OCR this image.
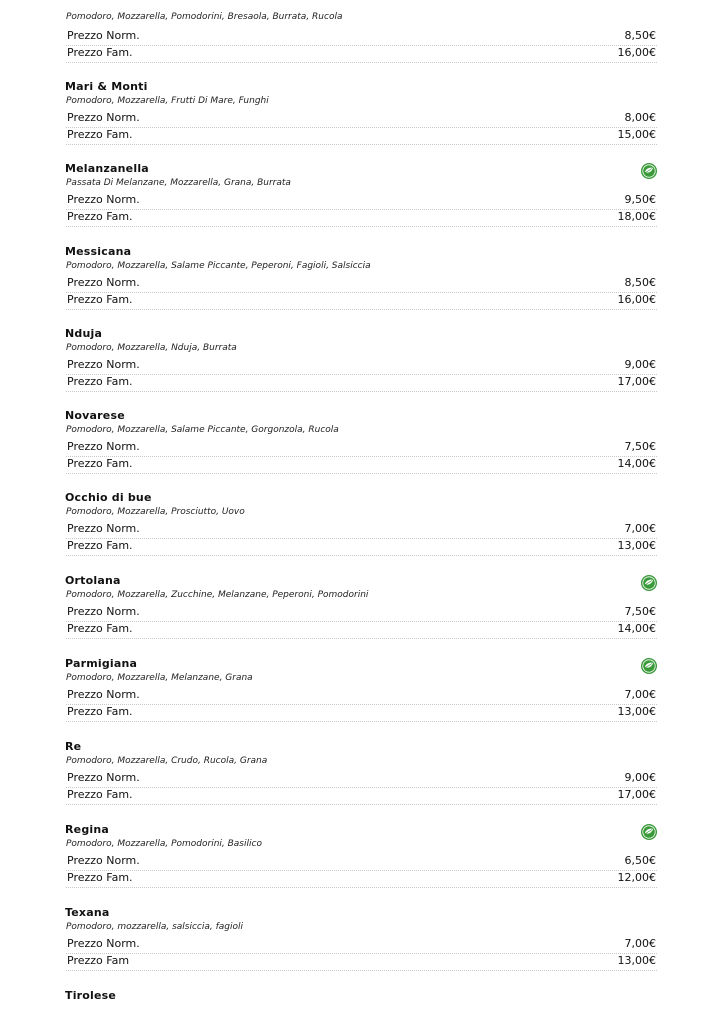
Pomodoro, Mozzarella, Pomodorini, Bresaola, Burrata, Rucola
Prezzo Norm.	8,50€
Prezzo Fam.	16,00€
Mari & Monti
Pomodoro, Mozzarella, Frutti Di Mare, Funghi
Prezzo Norm.	8,00€
Prezzo Fam.	15,00€
Melanzanella
Passata Di Melanzane, Mozzarella, Grana, Burrata
Prezzo Norm.	9,50€
Prezzo Fam.	18,00€
Messicana
Pomodoro, Mozzarella, Salame Piccante, Peperoni, Fagioli, Salsiccia
Prezzo Norm.	8,50€
Prezzo Fam.	16,00€
Nduja
Pomodoro, Mozzarella, Nduja, Burrata
Prezzo Norm.	9,00€
Prezzo Fam.	17,00€
Novarese
Pomodoro, Mozzarella, Salame Piccante, Gorgonzola, Rucola
Prezzo Norm.	7,50€
Prezzo Fam.	14,00€
Occhio di bue
Pomodoro, Mozzarella, Prosciutto, Uovo
Prezzo Norm.	7,00€
Prezzo Fam.	13,00€
Ortolana
Pomodoro, Mozzarella, Zucchine, Melanzane, Peperoni, Pomodorini
Prezzo Norm.	7,50€
Prezzo Fam.	14,00€
Parmigiana
Pomodoro, Mozzarella, Melanzane, Grana
Prezzo Norm.	7,00€
Prezzo Fam.	13,00€
Re
Pomodoro, Mozzarella, Crudo, Rucola, Grana
Prezzo Norm.	9,00€
Prezzo Fam.	17,00€
Regina
Pomodoro, Mozzarella, Pomodorini, Basilico
Prezzo Norm.	6,50€
Prezzo Fam.	12,00€
Texana
Pomodoro, mozzarella, salsiccia, fagioli
Prezzo Norm.	7,00€
Prezzo Fam	13,00€
Tirolese
